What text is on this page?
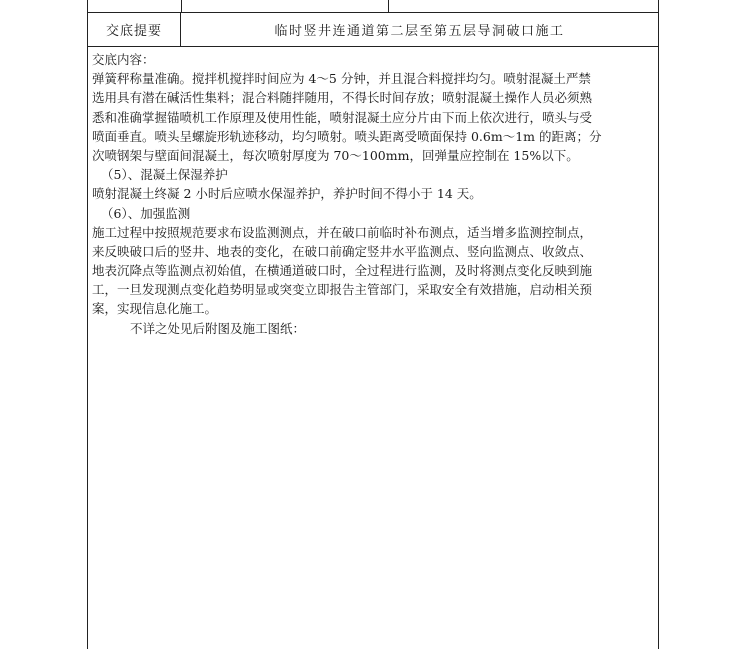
交底提要	临时竖井连通道第二层至第五层导洞破口施工
交底内容：
弹簧秤称量准确。搅拌机搅拌时间应为 4～5 分钟，并且混合料搅拌均匀。喷射混凝土严禁
选用具有潜在碱活性集料；混合料随拌随用，不得长时间存放；喷射混凝土操作人员必须熟
悉和准确掌握锚喷机工作原理及使用性能，喷射混凝土应分片由下而上依次进行，喷头与受
喷面垂直。喷头呈螺旋形轨迹移动，均匀喷射。喷头距离受喷面保持 0.6m～1m 的距离；分
次喷钢架与壁面间混凝土，每次喷射厚度为 70～100mm，回弹量应控制在 15%以下。
（5）、混凝土保湿养护
喷射混凝土终凝 2 小时后应喷水保湿养护，养护时间不得小于 14 天。
（6）、加强监测
施工过程中按照规范要求布设监测测点，并在破口前临时补布测点，适当增多监测控制点，
来反映破口后的竖井、地表的变化，在破口前确定竖井水平监测点、竖向监测点、收敛点、
地表沉降点等监测点初始值，在横通道破口时，全过程进行监测，及时将测点变化反映到施
工，一旦发现测点变化趋势明显或突变立即报告主管部门，采取安全有效措施，启动相关预
案，实现信息化施工。
不详之处见后附图及施工图纸：
